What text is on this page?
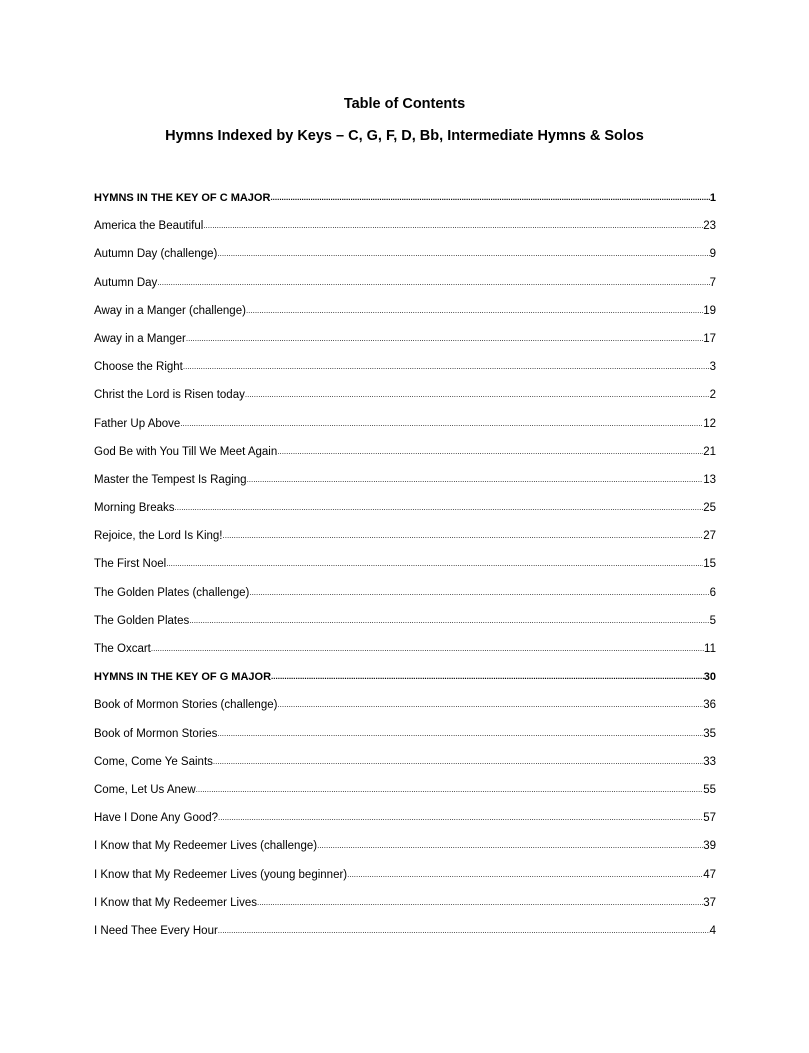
Table of Contents
Hymns Indexed by Keys – C, G, F, D, Bb, Intermediate Hymns & Solos
HYMNS IN THE KEY OF C MAJOR .....	1
America the Beautiful .....	23
Autumn Day (challenge) .....	9
Autumn Day .....	7
Away in a Manger (challenge) .....	19
Away in a Manger .....	17
Choose the Right .....	3
Christ the Lord is Risen today .....	2
Father Up Above .....	12
God Be with You Till We Meet Again .....	21
Master the Tempest Is Raging .....	13
Morning Breaks .....	25
Rejoice, the Lord Is King! .....	27
The First Noel .....	15
The Golden Plates (challenge) .....	6
The Golden Plates .....	5
The Oxcart .....	11
HYMNS IN THE KEY OF G MAJOR .....	30
Book of Mormon Stories (challenge) .....	36
Book of Mormon Stories .....	35
Come, Come Ye Saints .....	33
Come, Let Us Anew .....	55
Have I Done Any Good? .....	57
I Know that My Redeemer Lives (challenge) .....	39
I Know that My Redeemer Lives (young beginner) .....	47
I Know that My Redeemer Lives .....	37
I Need Thee Every Hour .....	4
